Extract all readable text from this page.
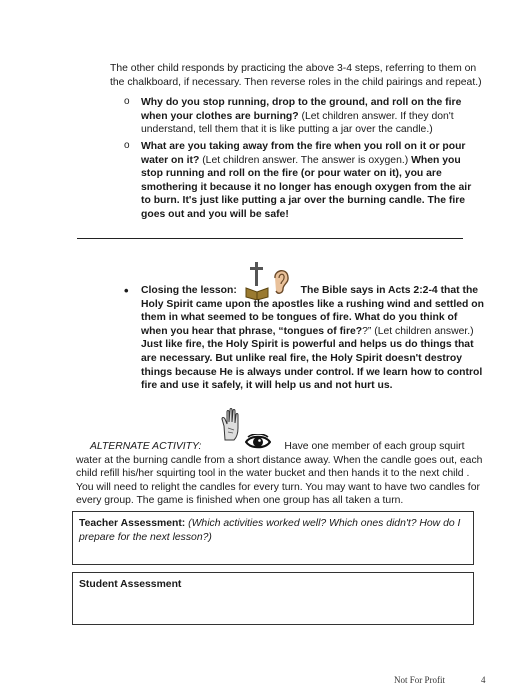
The other child responds by practicing the above 3-4 steps, referring to them on the chalkboard, if necessary. Then reverse roles in the child pairings and repeat.)
o Why do you stop running, drop to the ground, and roll on the fire when your clothes are burning? (Let children answer. If they don't understand, tell them that it is like putting a jar over the candle.)
o What are you taking away from the fire when you roll on it or pour water on it? (Let children answer. The answer is oxygen.) When you stop running and roll on the fire (or pour water on it), you are smothering it because it no longer has enough oxygen from the air to burn. It's just like putting a jar over the burning candle. The fire goes out and you will be safe!
• Closing the lesson:	The Bible says in Acts 2:2-4 that the Holy Spirit came upon the apostles like a rushing wind and settled on them in what seemed to be tongues of fire. What do you think of when you hear that phrase, “tongues of fire??” (Let children answer.) Just like fire, the Holy Spirit is powerful and helps us do things that are necessary. But unlike real fire, the Holy Spirit doesn't destroy things because He is always under control. If we learn how to control fire and use it safely, it will help us and not hurt us.
ALTERNATE ACTIVITY:	Have one member of each group squirt water at the burning candle from a short distance away. When the candle goes out, each child refill his/her squirting tool in the water bucket and then hands it to the next child . You will need to relight the candles for every turn. You may want to have two candles for every group. The game is finished when one group has all taken a turn.
Teacher Assessment: (Which activities worked well? Which ones didn't? How do I prepare for the next lesson?)
Student Assessment
Not For Profit	4
